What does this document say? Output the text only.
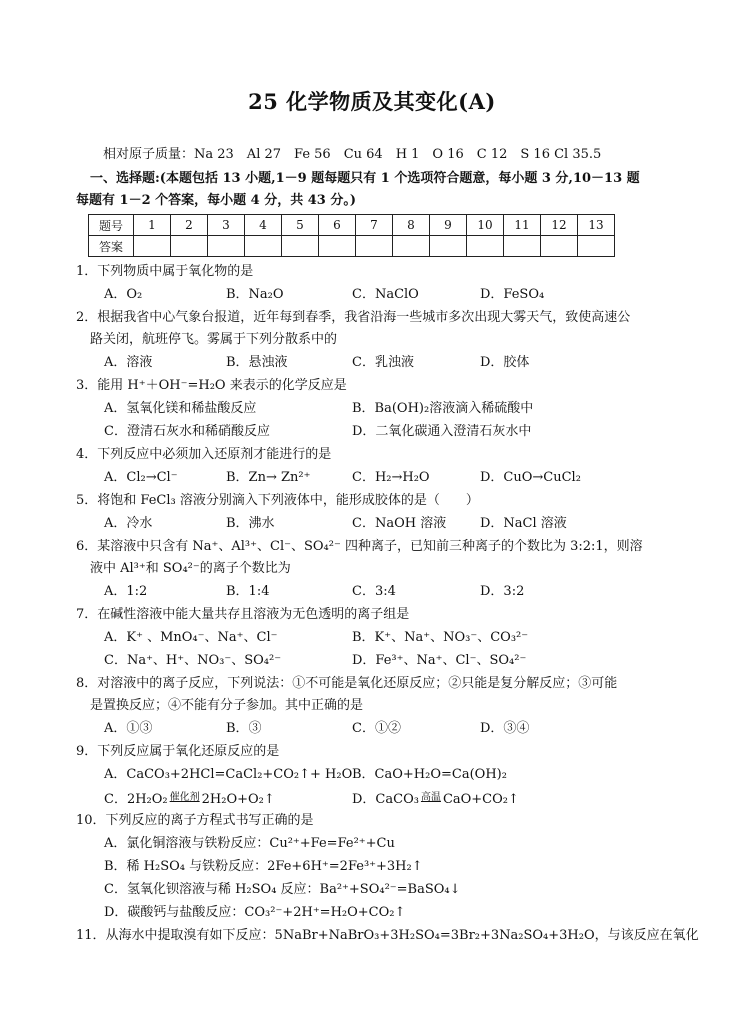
25 化学物质及其变化(A)
相对原子质量：Na 23　Al 27　Fe 56　Cu 64　H 1　O 16　C 12　S 16 Cl 35.5
一、选择题:(本题包括 13 小题,1－9 题每题只有 1 个选项符合题意，每小题 3 分,10－13 题
每题有 1－2 个答案，每小题 4 分，共 43 分。)
题号	1	2	3	4	5	6	7	8	9	10	11	12	13
答案													
1．下列物质中属于氧化物的是
A．O₂	B．Na₂O	C．NaClO	D．FeSO₄
2．根据我省中心气象台报道，近年每到春季，我省沿海一些城市多次出现大雾天气，致使高速公
路关闭，航班停飞。雾属于下列分散系中的
A．溶液	B．悬浊液	C．乳浊液	D．胶体
3．能用 H⁺＋OH⁻=H₂O 来表示的化学反应是
A．氢氧化镁和稀盐酸反应	B．Ba(OH)₂溶液滴入稀硫酸中
C．澄清石灰水和稀硝酸反应	D．二氧化碳通入澄清石灰水中
4．下列反应中必须加入还原剂才能进行的是
A．Cl₂→Cl⁻	B．Zn→ Zn²⁺	C．H₂→H₂O	D．CuO→CuCl₂
5．将饱和 FeCl₃ 溶液分别滴入下列液体中，能形成胶体的是（　　）
A．冷水	B．沸水	C．NaOH 溶液	D．NaCl 溶液
6．某溶液中只含有 Na⁺、Al³⁺、Cl⁻、SO₄²⁻ 四种离子，已知前三种离子的个数比为 3:2:1，则溶
液中 Al³⁺和 SO₄²⁻的离子个数比为
A．1:2	B．1:4	C．3:4	D．3:2
7．在碱性溶液中能大量共存且溶液为无色透明的离子组是
A．K⁺ 、MnO₄⁻、Na⁺、Cl⁻	B．K⁺、Na⁺、NO₃⁻、CO₃²⁻
C．Na⁺、H⁺、NO₃⁻、SO₄²⁻	D．Fe³⁺、Na⁺、Cl⁻、SO₄²⁻
8．对溶液中的离子反应，下列说法：①不可能是氧化还原反应；②只能是复分解反应；③可能
是置换反应；④不能有分子参加。其中正确的是
A．①③	B．③	C．①②	D．③④
9．下列反应属于氧化还原反应的是
A．CaCO₃+2HCl=CaCl₂+CO₂↑+ H₂O B．CaO+H₂O=Ca(OH)₂
C．2H₂O₂ 催化剂 2H₂O+O₂↑	D．CaCO₃ 高温 CaO+CO₂↑
10．下列反应的离子方程式书写正确的是
A．氯化铜溶液与铁粉反应：Cu²⁺+Fe=Fe²⁺+Cu
B．稀 H₂SO₄ 与铁粉反应：2Fe+6H⁺=2Fe³⁺+3H₂↑
C．氢氧化钡溶液与稀 H₂SO₄ 反应：Ba²⁺+SO₄²⁻=BaSO₄↓
D．碳酸钙与盐酸反应：CO₃²⁻+2H⁺=H₂O+CO₂↑
11．从海水中提取溴有如下反应：5NaBr+NaBrO₃+3H₂SO₄=3Br₂+3Na₂SO₄+3H₂O，与该反应在氧化
